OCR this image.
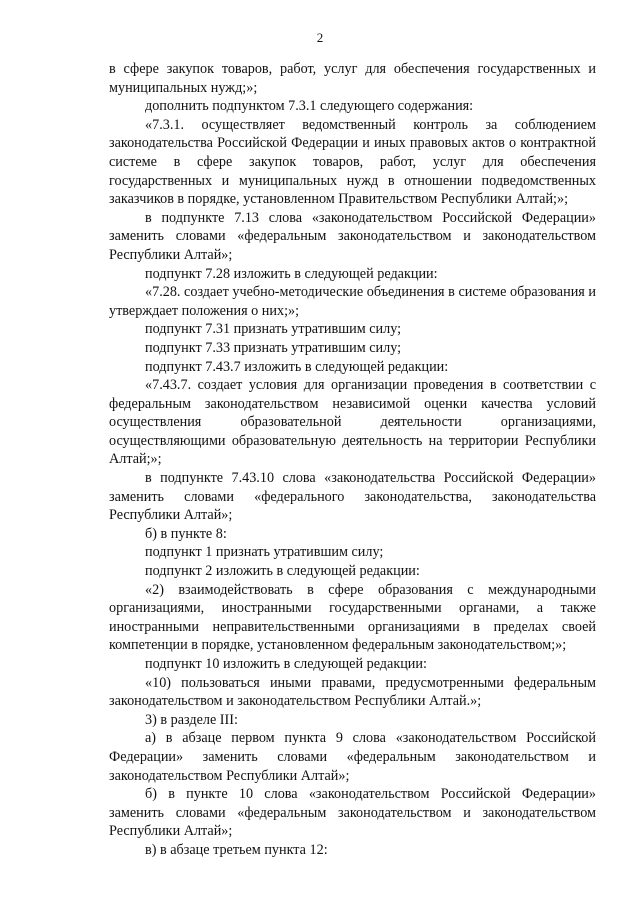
2

в сфере закупок товаров, работ, услуг для обеспечения государственных и муниципальных нужд;»;

дополнить подпунктом 7.3.1 следующего содержания:

«7.3.1. осуществляет ведомственный контроль за соблюдением законодательства Российской Федерации и иных правовых актов о контрактной системе в сфере закупок товаров, работ, услуг для обеспечения государственных и муниципальных нужд в отношении подведомственных заказчиков в порядке, установленном Правительством Республики Алтай;»;

в подпункте 7.13 слова «законодательством Российской Федерации» заменить словами «федеральным законодательством и законодательством Республики Алтай»;

подпункт 7.28 изложить в следующей редакции:

«7.28. создает учебно-методические объединения в системе образования и утверждает положения о них;»;

подпункт 7.31 признать утратившим силу;

подпункт 7.33 признать утратившим силу;

подпункт 7.43.7 изложить в следующей редакции:

«7.43.7. создает условия для организации проведения в соответствии с федеральным законодательством независимой оценки качества условий осуществления образовательной деятельности организациями, осуществляющими образовательную деятельность на территории Республики Алтай;»;

в подпункте 7.43.10 слова «законодательства Российской Федерации» заменить словами «федерального законодательства, законодательства Республики Алтай»;

б) в пункте 8:

подпункт 1 признать утратившим силу;

подпункт 2 изложить в следующей редакции:

«2) взаимодействовать в сфере образования с международными организациями, иностранными государственными органами, а также иностранными неправительственными организациями в пределах своей компетенции в порядке, установленном федеральным законодательством;»;

подпункт 10 изложить в следующей редакции:

«10) пользоваться иными правами, предусмотренными федеральным законодательством и законодательством Республики Алтай.»;

3) в разделе III:

а) в абзаце первом пункта 9 слова «законодательством Российской Федерации» заменить словами «федеральным законодательством и законодательством Республики Алтай»;

б) в пункте 10 слова «законодательством Российской Федерации» заменить словами «федеральным законодательством и законодательством Республики Алтай»;

в) в абзаце третьем пункта 12:
